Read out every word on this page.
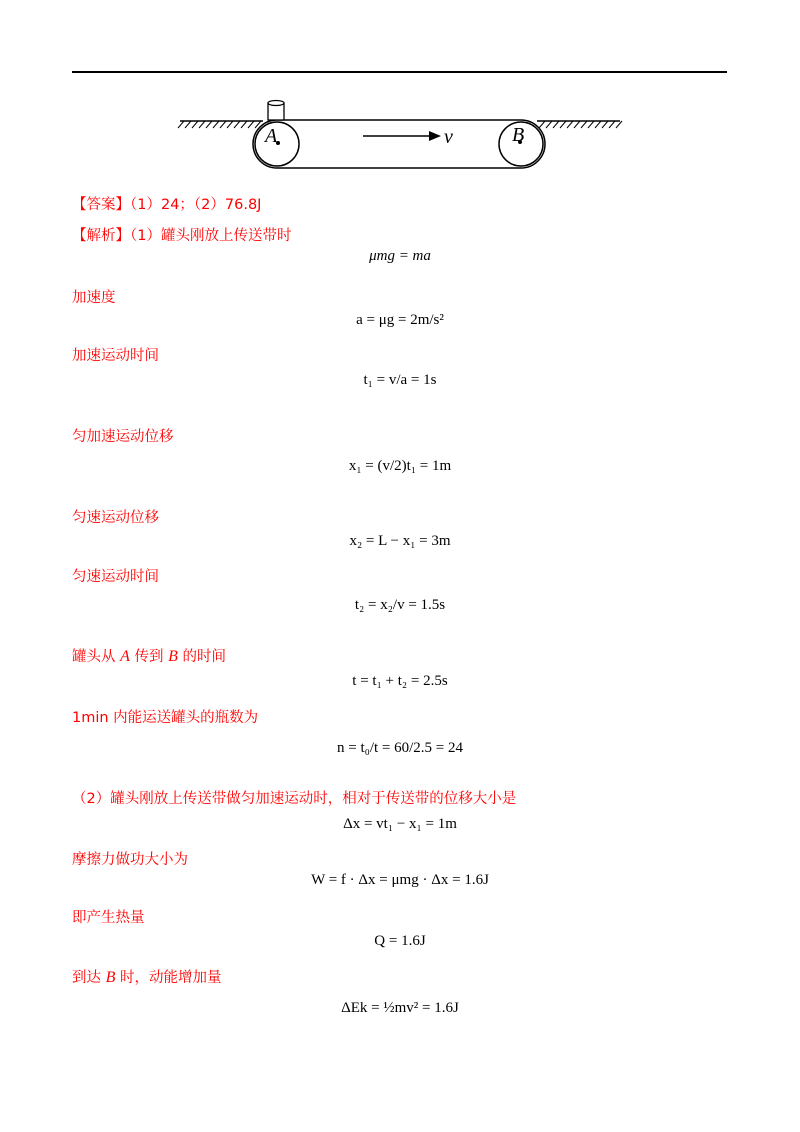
v
A	B
【答案】（1）24；（2）76.8J
【解析】（1）罐头刚放上传送带时
μmg = ma
加速度
a = μg = 2m/s²
加速运动时间
t₁ = v/a = 1s
匀加速运动位移
x₁ = (v/2)t₁ = 1m
匀速运动位移
x₂ = L − x₁ = 3m
匀速运动时间
t₂ = x₂/v = 1.5s
罐头从 A 传到 B 的时间
t = t₁ + t₂ = 2.5s
1min 内能运送罐头的瓶数为
n = t₀/t = 60/2.5 = 24
（2）罐头刚放上传送带做匀加速运动时，相对于传送带的位移大小是
Δx = vt₁ − x₁ = 1m
摩擦力做功大小为
W = f · Δx = μmg · Δx = 1.6J
即产生热量
Q = 1.6J
到达 B 时，动能增加量
ΔEk = ½mv² = 1.6J
